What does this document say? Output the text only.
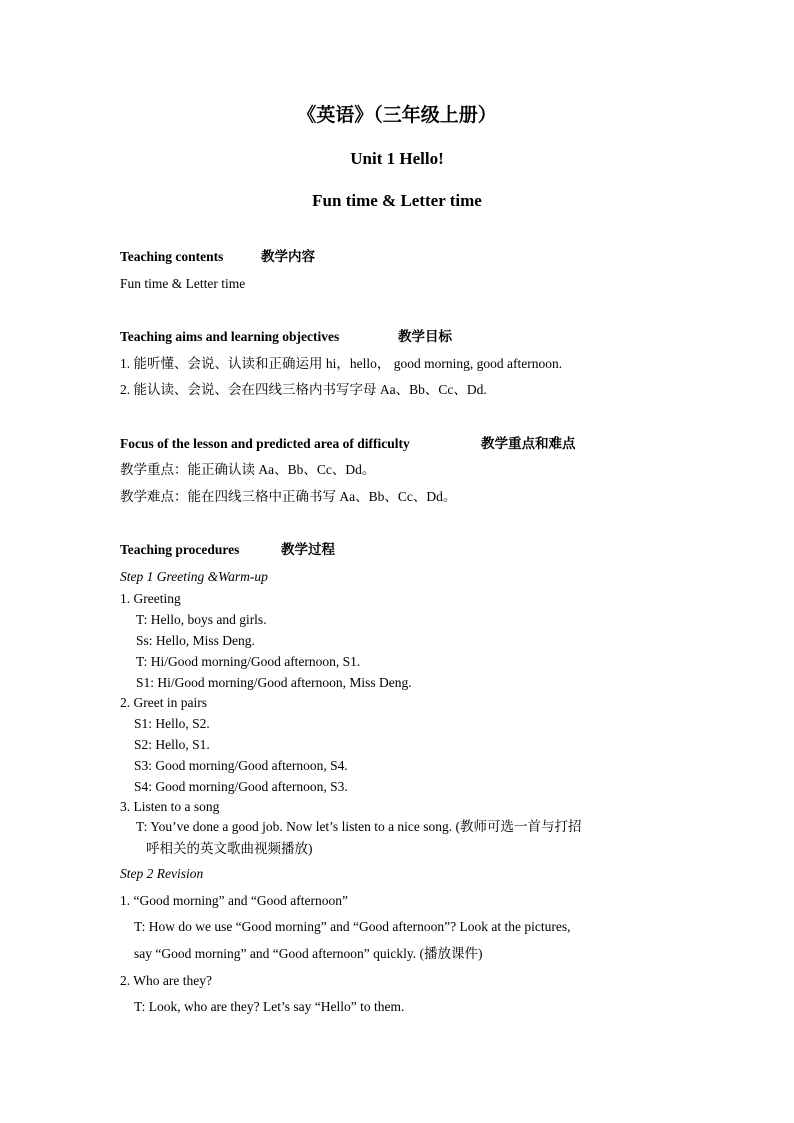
《英语》（三年级上册）
Unit 1 Hello!
Fun time & Letter time
Teaching contents	教学内容
Fun time & Letter time
Teaching aims and learning objectives	教学目标
1. 能听懂、会说、认读和正确运用 hi，hello， good morning, good afternoon.
2. 能认读、会说、会在四线三格内书写字母 Aa、Bb、Cc、Dd.
Focus of the lesson and predicted area of difficulty	教学重点和难点
教学重点：能正确认读 Aa、Bb、Cc、Dd。
教学难点：能在四线三格中正确书写 Aa、Bb、Cc、Dd。
Teaching procedures	教学过程
Step 1 Greeting &Warm-up
1. Greeting
T: Hello, boys and girls.
Ss: Hello, Miss Deng.
T: Hi/Good morning/Good afternoon, S1.
S1: Hi/Good morning/Good afternoon, Miss Deng.
2. Greet in pairs
S1: Hello, S2.
S2: Hello, S1.
S3: Good morning/Good afternoon, S4.
S4: Good morning/Good afternoon, S3.
3. Listen to a song
T: You’ve done a good job. Now let’s listen to a nice song. (教师可选一首与打招
呼相关的英文歌曲视频播放)
Step 2 Revision
1. “Good morning” and “Good afternoon”
T: How do we use “Good morning” and “Good afternoon”? Look at the pictures,
say “Good morning” and “Good afternoon” quickly. (播放课件)
2. Who are they?
T: Look, who are they? Let’s say “Hello” to them.
